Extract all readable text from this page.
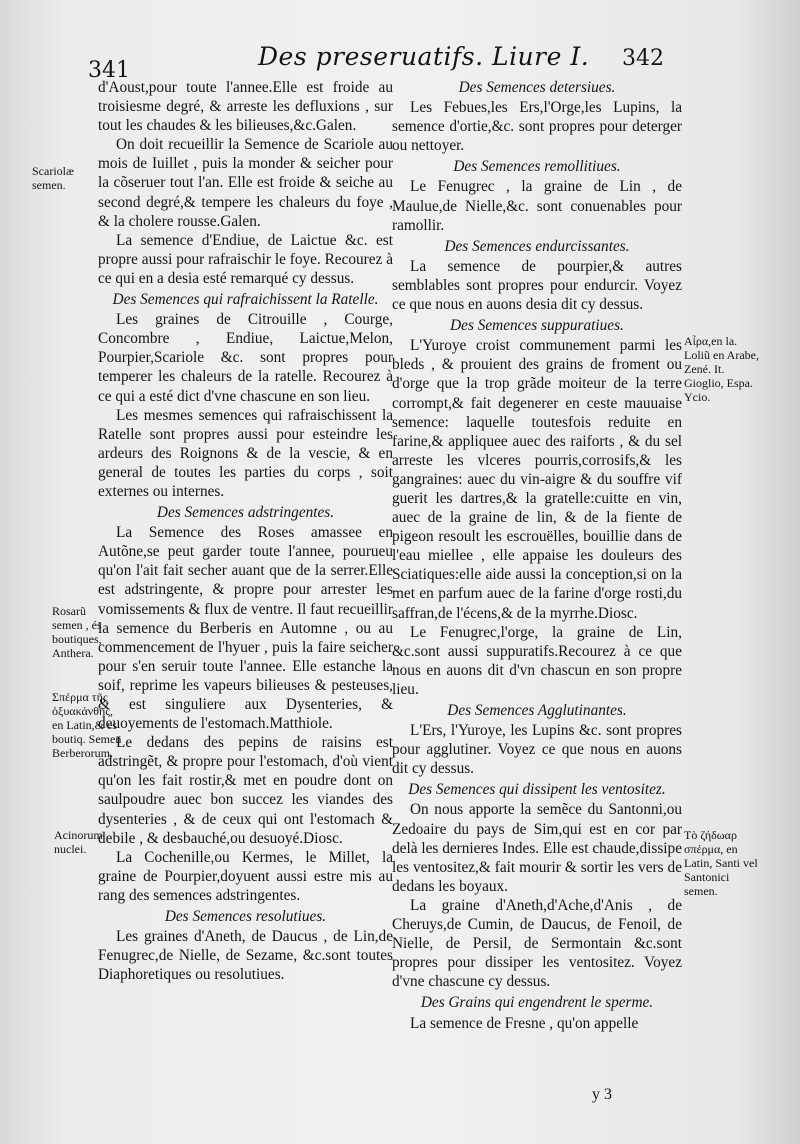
341	Des preseruatifs. Liure I. 342

d'Aoust,pour toute l'annee.Elle est froide au troisiesme degré, & arreste les defluxions , sur tout les chaudes & les bilieuses,&c.Galen.

On doit recueillir la Semence de Scariole au mois de Iuillet , puis la monder & seicher pour la cõseruer tout l'an. Elle est froide & seiche au second degré,& tempere les chaleurs du foye , & la cholere rousse.Galen.

La semence d'Endiue, de Laictue &c. est propre aussi pour rafraischir le foye. Recourez à ce qui en a desia esté remarqué cy dessus.

Des Semences qui rafraichissent la Ratelle.

Les graines de Citrouille , Courge, Concombre , Endiue, Laictue,Melon, Pourpier,Scariole &c. sont propres pour temperer les chaleurs de la ratelle. Recourez à ce qui a esté dict d'vne chascune en son lieu.

Les mesmes semences qui rafraischissent la Ratelle sont propres aussi pour esteindre les ardeurs des Roignons & de la vescie, & en general de toutes les parties du corps , soit externes ou internes.

Des Semences adstringentes.

La Semence des Roses amassee en Autõne,se peut garder toute l'annee, pourueu qu'on l'ait fait secher auant que de la serrer.Elle est adstringente, & propre pour arrester les vomissements & flux de ventre. Il faut recueillir la semence du Berberis en Automne , ou au commencement de l'hyuer , puis la faire seicher pour s'en seruir toute l'annee. Elle estanche la soif, reprime les vapeurs bilieuses & pesteuses, & est singuliere aux Dysenteries, & deuoyements de l'estomach.Matthiole.

Le dedans des pepins de raisins est adstringẽt, & propre pour l'estomach, d'où vient qu'on les fait rostir,& met en poudre dont on saulpoudre auec bon succez les viandes des dysenteries , & de ceux qui ont l'estomach & debile , & desbauché,ou desuoyé.Diosc.

La Cochenille,ou Kermes, le Millet, la graine de Pourpier,doyuent aussi estre mis au rang des semences adstringentes.

Des Semences resolutiues.

Les graines d'Aneth, de Daucus , de Lin,de Fenugrec,de Nielle, de Sezame, &c.sont toutes Diaphoretiques ou resolutiues.

Des Semences detersiues.

Les Febues,les Ers,l'Orge,les Lupins, la semence d'ortie,&c. sont propres pour deterger ou nettoyer.

Des Semences remollitiues.

Le Fenugrec , la graine de Lin , de Maulue,de Nielle,&c. sont conuenables pour ramollir.

Des Semences endurcissantes.

La semence de pourpier,& autres semblables sont propres pour endurcir. Voyez ce que nous en auons desia dit cy dessus.

Des Semences suppuratiues.

L'Yuroye croist communement parmi les bleds , & prouient des grains de froment ou d'orge que la trop grãde moiteur de la terre corrompt,& fait degenerer en ceste mauuaise semence: laquelle toutesfois reduite en farine,& appliquee auec des raiforts , & du sel arreste les vlceres pourris,corrosifs,& les gangraines: auec du vin-aigre & du souffre vif guerit les dartres,& la gratelle:cuitte en vin, auec de la graine de lin, & de la fiente de pigeon resoult les escrouëlles, bouillie dans de l'eau miellee , elle appaise les douleurs des Sciatiques:elle aide aussi la conception,si on la met en parfum auec de la farine d'orge rosti,du saffran,de l'écens,& de la myrrhe.Diosc.

Le Fenugrec,l'orge, la graine de Lin, &c.sont aussi suppuratifs.Recourez à ce que nous en auons dit d'vn chascun en son propre lieu.

Des Semences Agglutinantes.

L'Ers, l'Yuroye, les Lupins &c. sont propres pour agglutiner. Voyez ce que nous en auons dit cy dessus.

Des Semences qui dissipent les ventositez.

On nous apporte la semẽce du Santonni,ou Zedoaire du pays de Sim,qui est en cor par delà les dernieres Indes. Elle est chaude,dissipe les ventositez,& fait mourir & sortir les vers de dedans les boyaux.

La graine d'Aneth,d'Ache,d'Anis , de Cheruys,de Cumin, de Daucus, de Fenoil, de Nielle, de Persil, de Sermontain &c.sont propres pour dissiper les ventositez. Voyez d'vne chascune cy dessus.

Des Grains qui engendrent le sperme.

La semence de Fresne , qu'on appelle

Scariolæ semen.
Rosarũ semen , és boutiques, Anthera.
Σπέρμα τῆς ὀξυακάνθης, en Latin,& es boutiq. Semen Berberorum.
Acinorum nuclei.
Αἶρα,en la. Loliũ en Arabe, Zené. It. Gioglio, Espa. Ycio.
Τὸ ζήδωαρ σπέρμα, en Latin, Santi vel Santonici semen.
y 3
